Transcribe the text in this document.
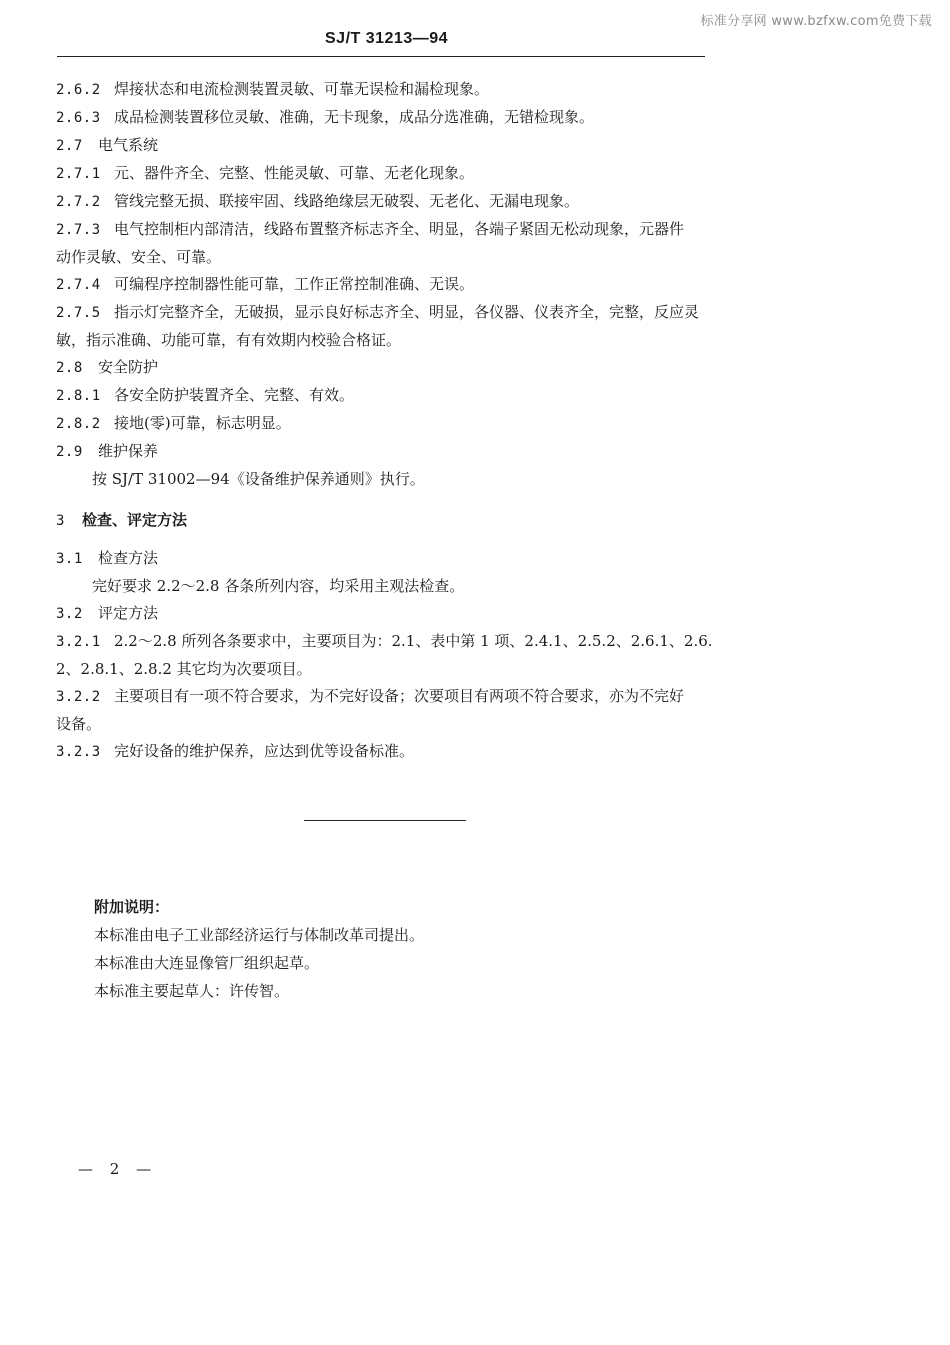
标准分享网 www.bzfxw.com免费下载
SJ/T 31213—94

2.6.2 焊接状态和电流检测装置灵敏、可靠无误检和漏检现象。

2.6.3 成品检测装置移位灵敏、准确，无卡现象，成品分选准确，无错检现象。

2.7 电气系统

2.7.1 元、器件齐全、完整、性能灵敏、可靠、无老化现象。

2.7.2 管线完整无损、联接牢固、线路绝缘层无破裂、无老化、无漏电现象。

2.7.3 电气控制柜内部清洁，线路布置整齐标志齐全、明显，各端子紧固无松动现象，元器件

动作灵敏、安全、可靠。

2.7.4 可编程序控制器性能可靠，工作正常控制准确、无误。

2.7.5 指示灯完整齐全，无破损，显示良好标志齐全、明显，各仪器、仪表齐全，完整，反应灵

敏，指示准确、功能可靠，有有效期内校验合格证。

2.8 安全防护

2.8.1 各安全防护装置齐全、完整、有效。

2.8.2 接地(零)可靠，标志明显。

2.9 维护保养

按 SJ/T 31002—94《设备维护保养通则》执行。

3 检查、评定方法

3.1 检查方法

完好要求 2.2～2.8 各条所列内容，均采用主观法检查。

3.2 评定方法

3.2.1 2.2～2.8 所列各条要求中，主要项目为：2.1、表中第 1 项、2.4.1、2.5.2、2.6.1、2.6.

2、2.8.1、2.8.2 其它均为次要项目。

3.2.2 主要项目有一项不符合要求，为不完好设备；次要项目有两项不符合要求，亦为不完好

设备。

3.2.3 完好设备的维护保养，应达到优等设备标准。

附加说明：
本标准由电子工业部经济运行与体制改革司提出。
本标准由大连显像管厂组织起草。
本标准主要起草人：许传智。
— 2 —
